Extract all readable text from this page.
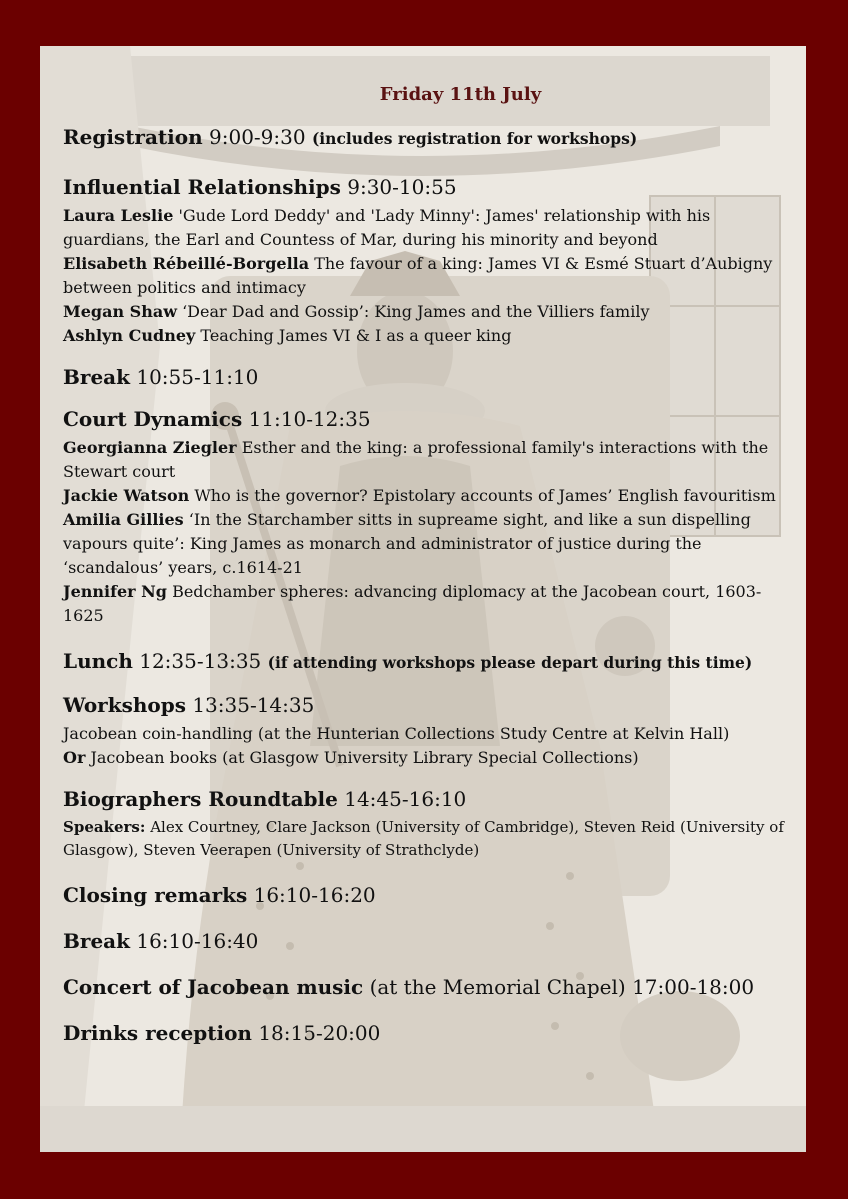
Friday 11th July
Registration 9:00-9:30 (includes registration for workshops)
Influential Relationships 9:30-10:55

Laura Leslie 'Gude Lord Deddy' and 'Lady Minny': James' relationship with his guardians, the Earl and Countess of Mar, during his minority and beyond

Elisabeth Rébeillé-Borgella The favour of a king: James VI & Esmé Stuart d’Aubigny between politics and intimacy

Megan Shaw ‘Dear Dad and Gossip’: King James and the Villiers family

Ashlyn Cudney Teaching James VI & I as a queer king

Break 10:55-11:10
Court Dynamics 11:10-12:35

Georgianna Ziegler Esther and the king: a professional family's interactions with the Stewart court

Jackie Watson Who is the governor? Epistolary accounts of James’ English favouritism

Amilia Gillies ‘In the Starchamber sitts in supreame sight, and like a sun dispelling vapours quite’: King James as monarch and administrator of justice during the ‘scandalous’ years, c.1614-21

Jennifer Ng Bedchamber spheres: advancing diplomacy at the Jacobean court, 1603-1625

Lunch 12:35-13:35 (if attending workshops please depart during this time)
Workshops 13:35-14:35

Jacobean coin-handling (at the Hunterian Collections Study Centre at Kelvin Hall)

Or Jacobean books (at Glasgow University Library Special Collections)

Biographers Roundtable 14:45-16:10

Speakers: Alex Courtney, Clare Jackson (University of Cambridge), Steven Reid (University of Glasgow), Steven Veerapen (University of Strathclyde)

Closing remarks 16:10-16:20
Break 16:10-16:40
Concert of Jacobean music (at the Memorial Chapel) 17:00-18:00
Drinks reception 18:15-20:00
